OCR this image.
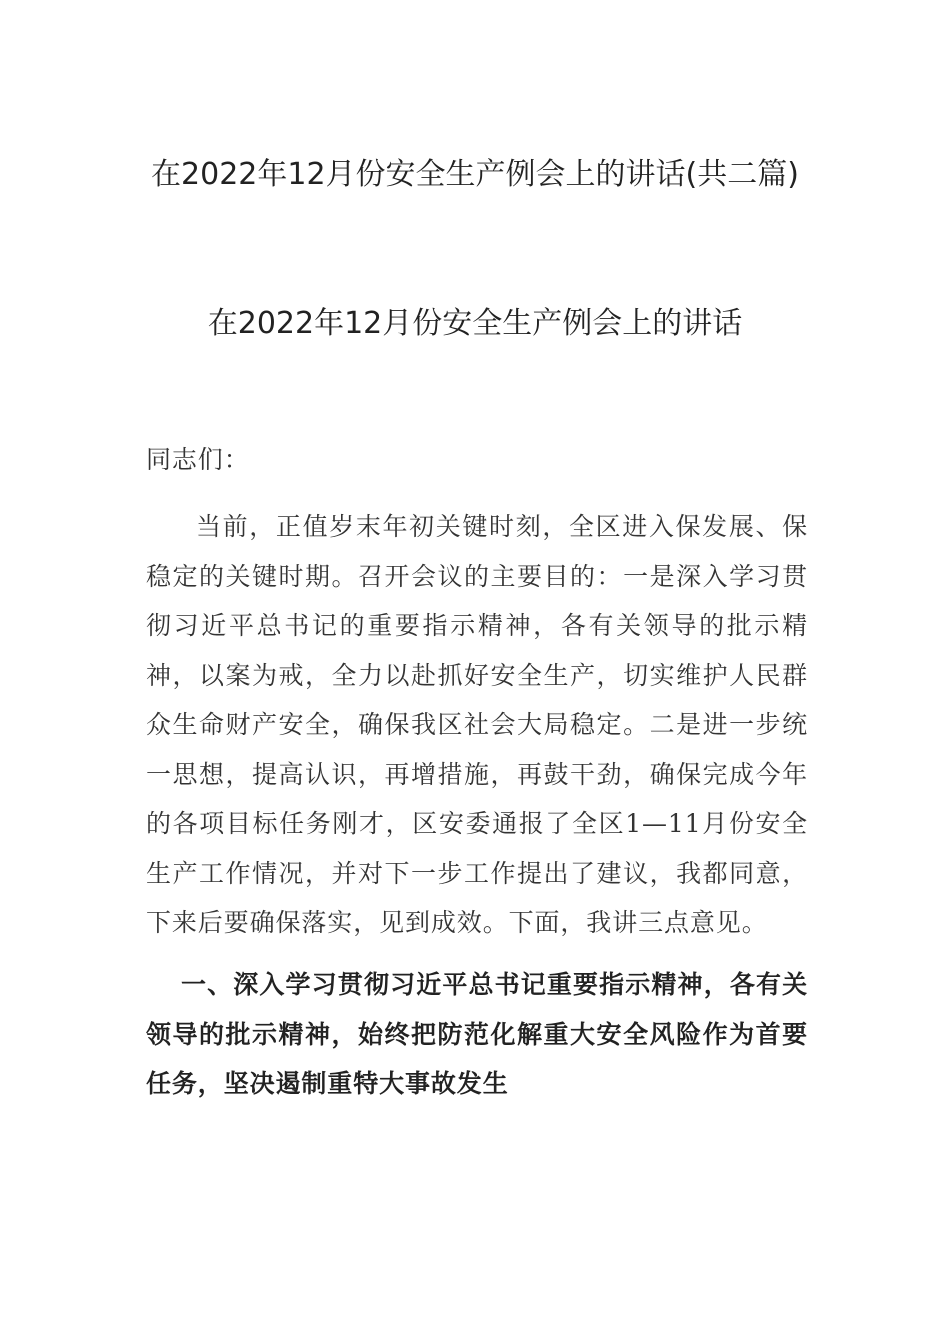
在2022年12月份安全生产例会上的讲话(共二篇)
在2022年12月份安全生产例会上的讲话
同志们：
当前，正值岁末年初关键时刻，全区进入保发展、保稳定的关键时期。召开会议的主要目的：一是深入学习贯彻习近平总书记的重要指示精神，各有关领导的批示精神，以案为戒，全力以赴抓好安全生产，切实维护人民群众生命财产安全，确保我区社会大局稳定。二是进一步统一思想，提高认识，再增措施，再鼓干劲，确保完成今年的各项目标任务刚才，区安委通报了全区1—11月份安全生产工作情况，并对下一步工作提出了建议，我都同意，下来后要确保落实，见到成效。下面，我讲三点意见。
一、深入学习贯彻习近平总书记重要指示精神，各有关领导的批示精神，始终把防范化解重大安全风险作为首要任务，坚决遏制重特大事故发生
